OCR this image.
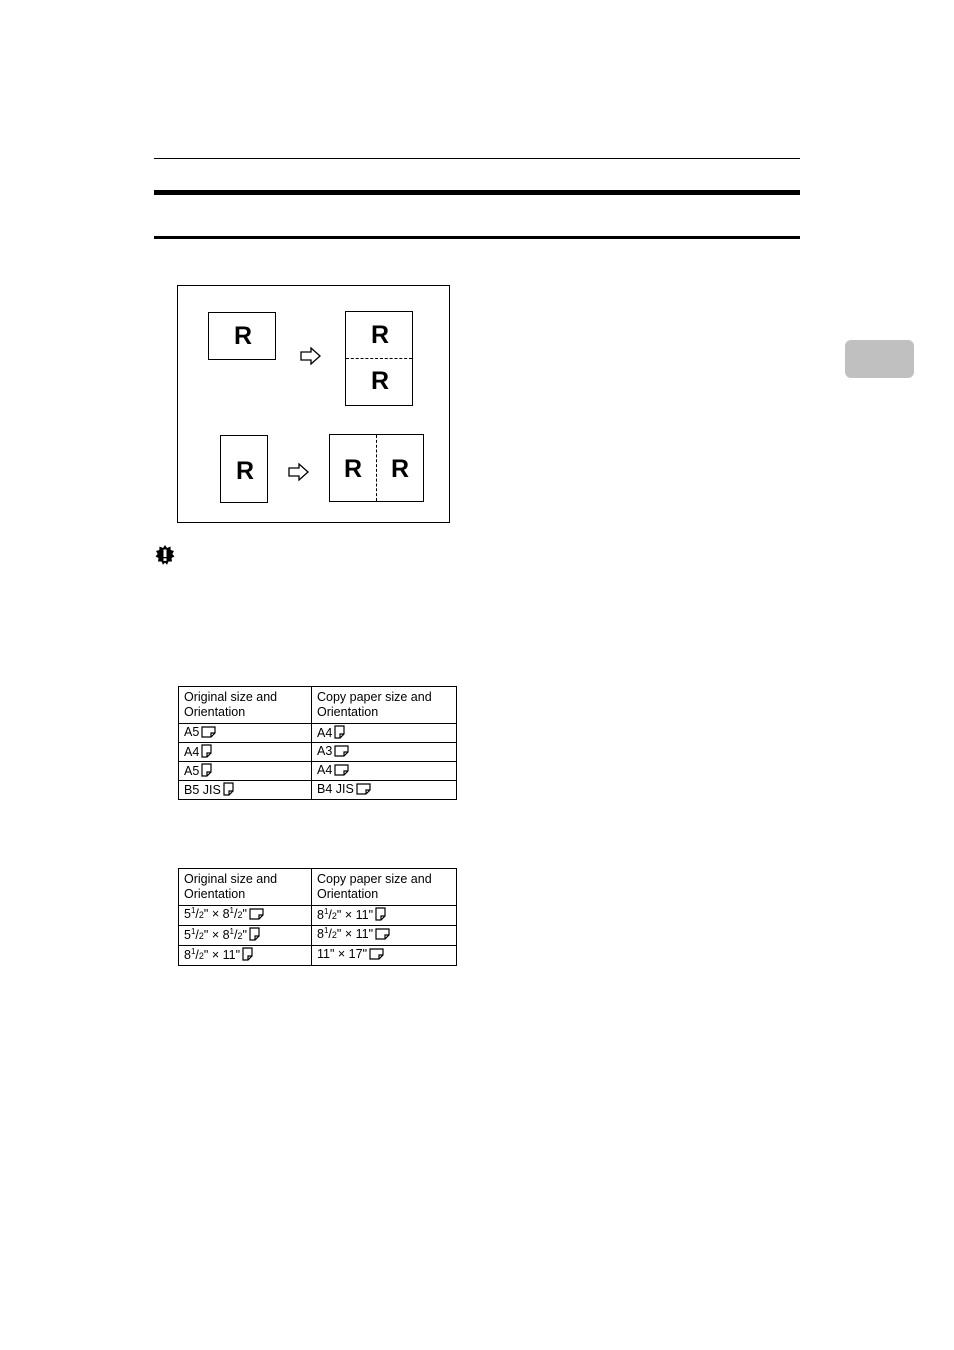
R	R
R
R	R R
Original size and Orientation	Copy paper size and Orientation
A5	A4
A4	A3
A5	A4
B5 JIS	B4 JIS
Original size and Orientation	Copy paper size and Orientation
$5^1/2$" × $8^1/2$"	$8^1/2$" × 11"
$5^1/2$" × $8^1/2$"	$8^1/2$" × 11"
$8^1/2$" × 11"	11" × 17"
